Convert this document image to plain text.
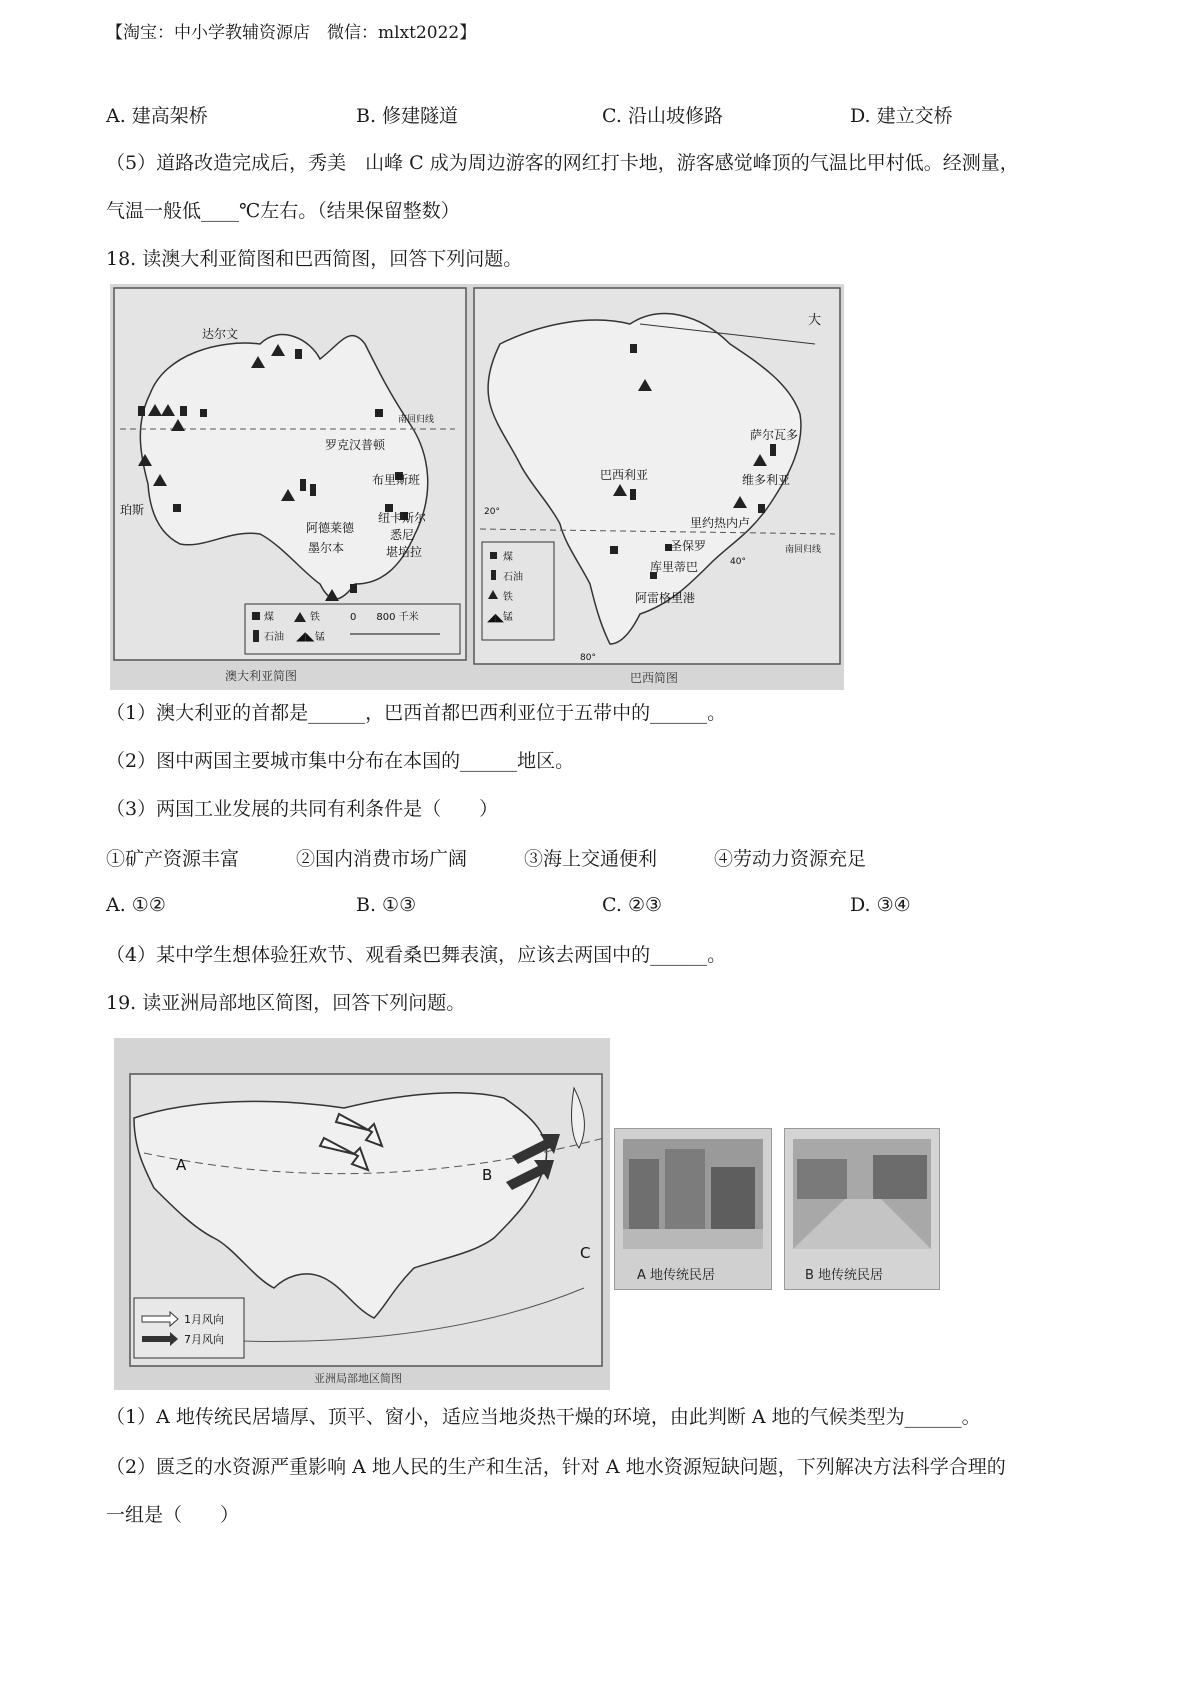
【淘宝：中小学教辅资源店　微信：mlxt2022】
A. 建高架桥	B. 修建隧道	C. 沿山坡修路	D. 建立交桥
（5）道路改造完成后，秀美　山峰 C 成为周边游客的网红打卡地，游客感觉峰顶的气温比甲村低。经测量，
气温一般低____℃左右。（结果保留整数）
18. 读澳大利亚简图和巴西简图，回答下列问题。
达尔文
罗克汉普顿
布里斯班
珀斯
阿德莱德
纽卡斯尔
悉尼
墨尔本	堪培拉
南回归线
煤	铁
石油 ◢◣ 锰
0　　800 千米
澳大利亚简图
巴西利亚
萨尔瓦多
维多利亚
里约热内卢
圣保罗
库里蒂巴
阿雷格里港
南回归线
大
20°
40°
80°
煤
石油
铁
◢◣ 锰
巴西简图
（1）澳大利亚的首都是______，巴西首都巴西利亚位于五带中的______。
（2）图中两国主要城市集中分布在本国的______地区。
（3）两国工业发展的共同有利条件是（　　）
①矿产资源丰富　　　②国内消费市场广阔　　　③海上交通便利　　　④劳动力资源充足
A. ①②	B. ①③	C. ②③	D. ③④
（4）某中学生想体验狂欢节、观看桑巴舞表演，应该去两国中的______。
19. 读亚洲局部地区简图，回答下列问题。
A
B
C
1月风向
7月风向
亚洲局部地区简图
A 地传统民居	B 地传统民居
（1）A 地传统民居墙厚、顶平、窗小，适应当地炎热干燥的环境，由此判断 A 地的气候类型为______。
（2）匮乏的水资源严重影响 A 地人民的生产和生活，针对 A 地水资源短缺问题，下列解决方法科学合理的
一组是（　　）
